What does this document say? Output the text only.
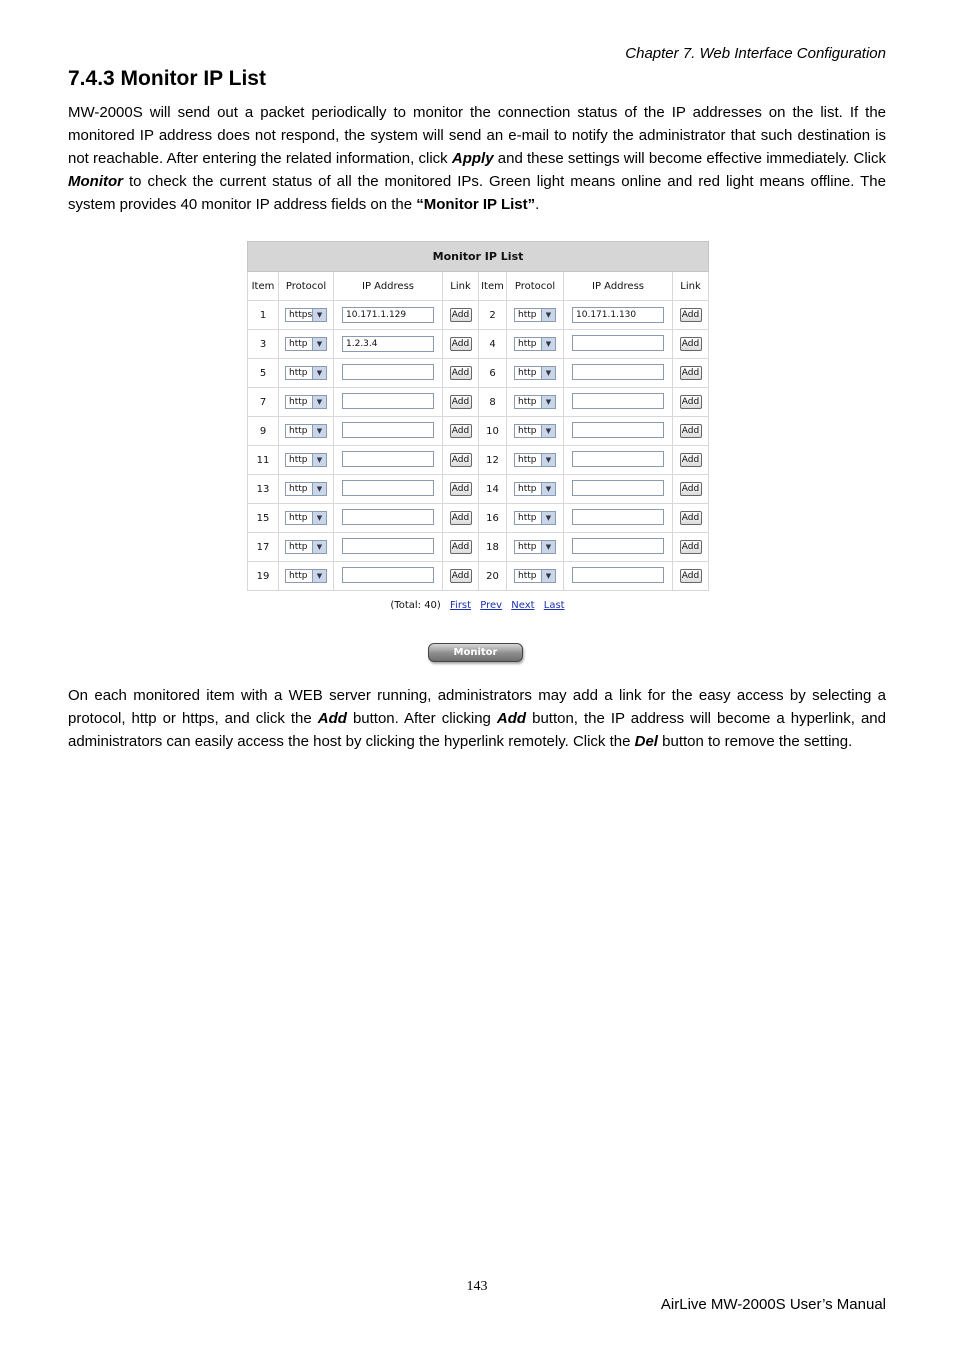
Chapter 7. Web Interface Configuration
7.4.3 Monitor IP List

MW-2000S will send out a packet periodically to monitor the connection status of the IP addresses on the list. If the monitored IP address does not respond, the system will send an e-mail to notify the administrator that such destination is not reachable. After entering the related information, click Apply and these settings will become effective immediately. Click Monitor to check the current status of all the monitored IPs. Green light means online and red light means offline. The system provides 40 monitor IP address fields on the “Monitor IP List”.

Monitor IP List							
Item	Protocol	IP Address	Link	Item	Protocol	IP Address	Link
1	https ▼	10.171.1.129	Add	2	http ▼	10.171.1.130	Add
3	http ▼	1.2.3.4	Add	4	http ▼		Add
5	http ▼		Add	6	http ▼		Add
7	http ▼		Add	8	http ▼		Add
9	http ▼		Add	10	http ▼		Add
11	http ▼		Add	12	http ▼		Add
13	http ▼		Add	14	http ▼		Add
15	http ▼		Add	16	http ▼		Add
17	http ▼		Add	18	http ▼		Add
19	http ▼		Add	20	http ▼		Add
(Total: 40) First Prev Next Last
Monitor

On each monitored item with a WEB server running, administrators may add a link for the easy access by selecting a protocol, http or https, and click the Add button. After clicking Add button, the IP address will become a hyperlink, and administrators can easily access the host by clicking the hyperlink remotely. Click the Del button to remove the setting.

143
AirLive MW-2000S User’s Manual
